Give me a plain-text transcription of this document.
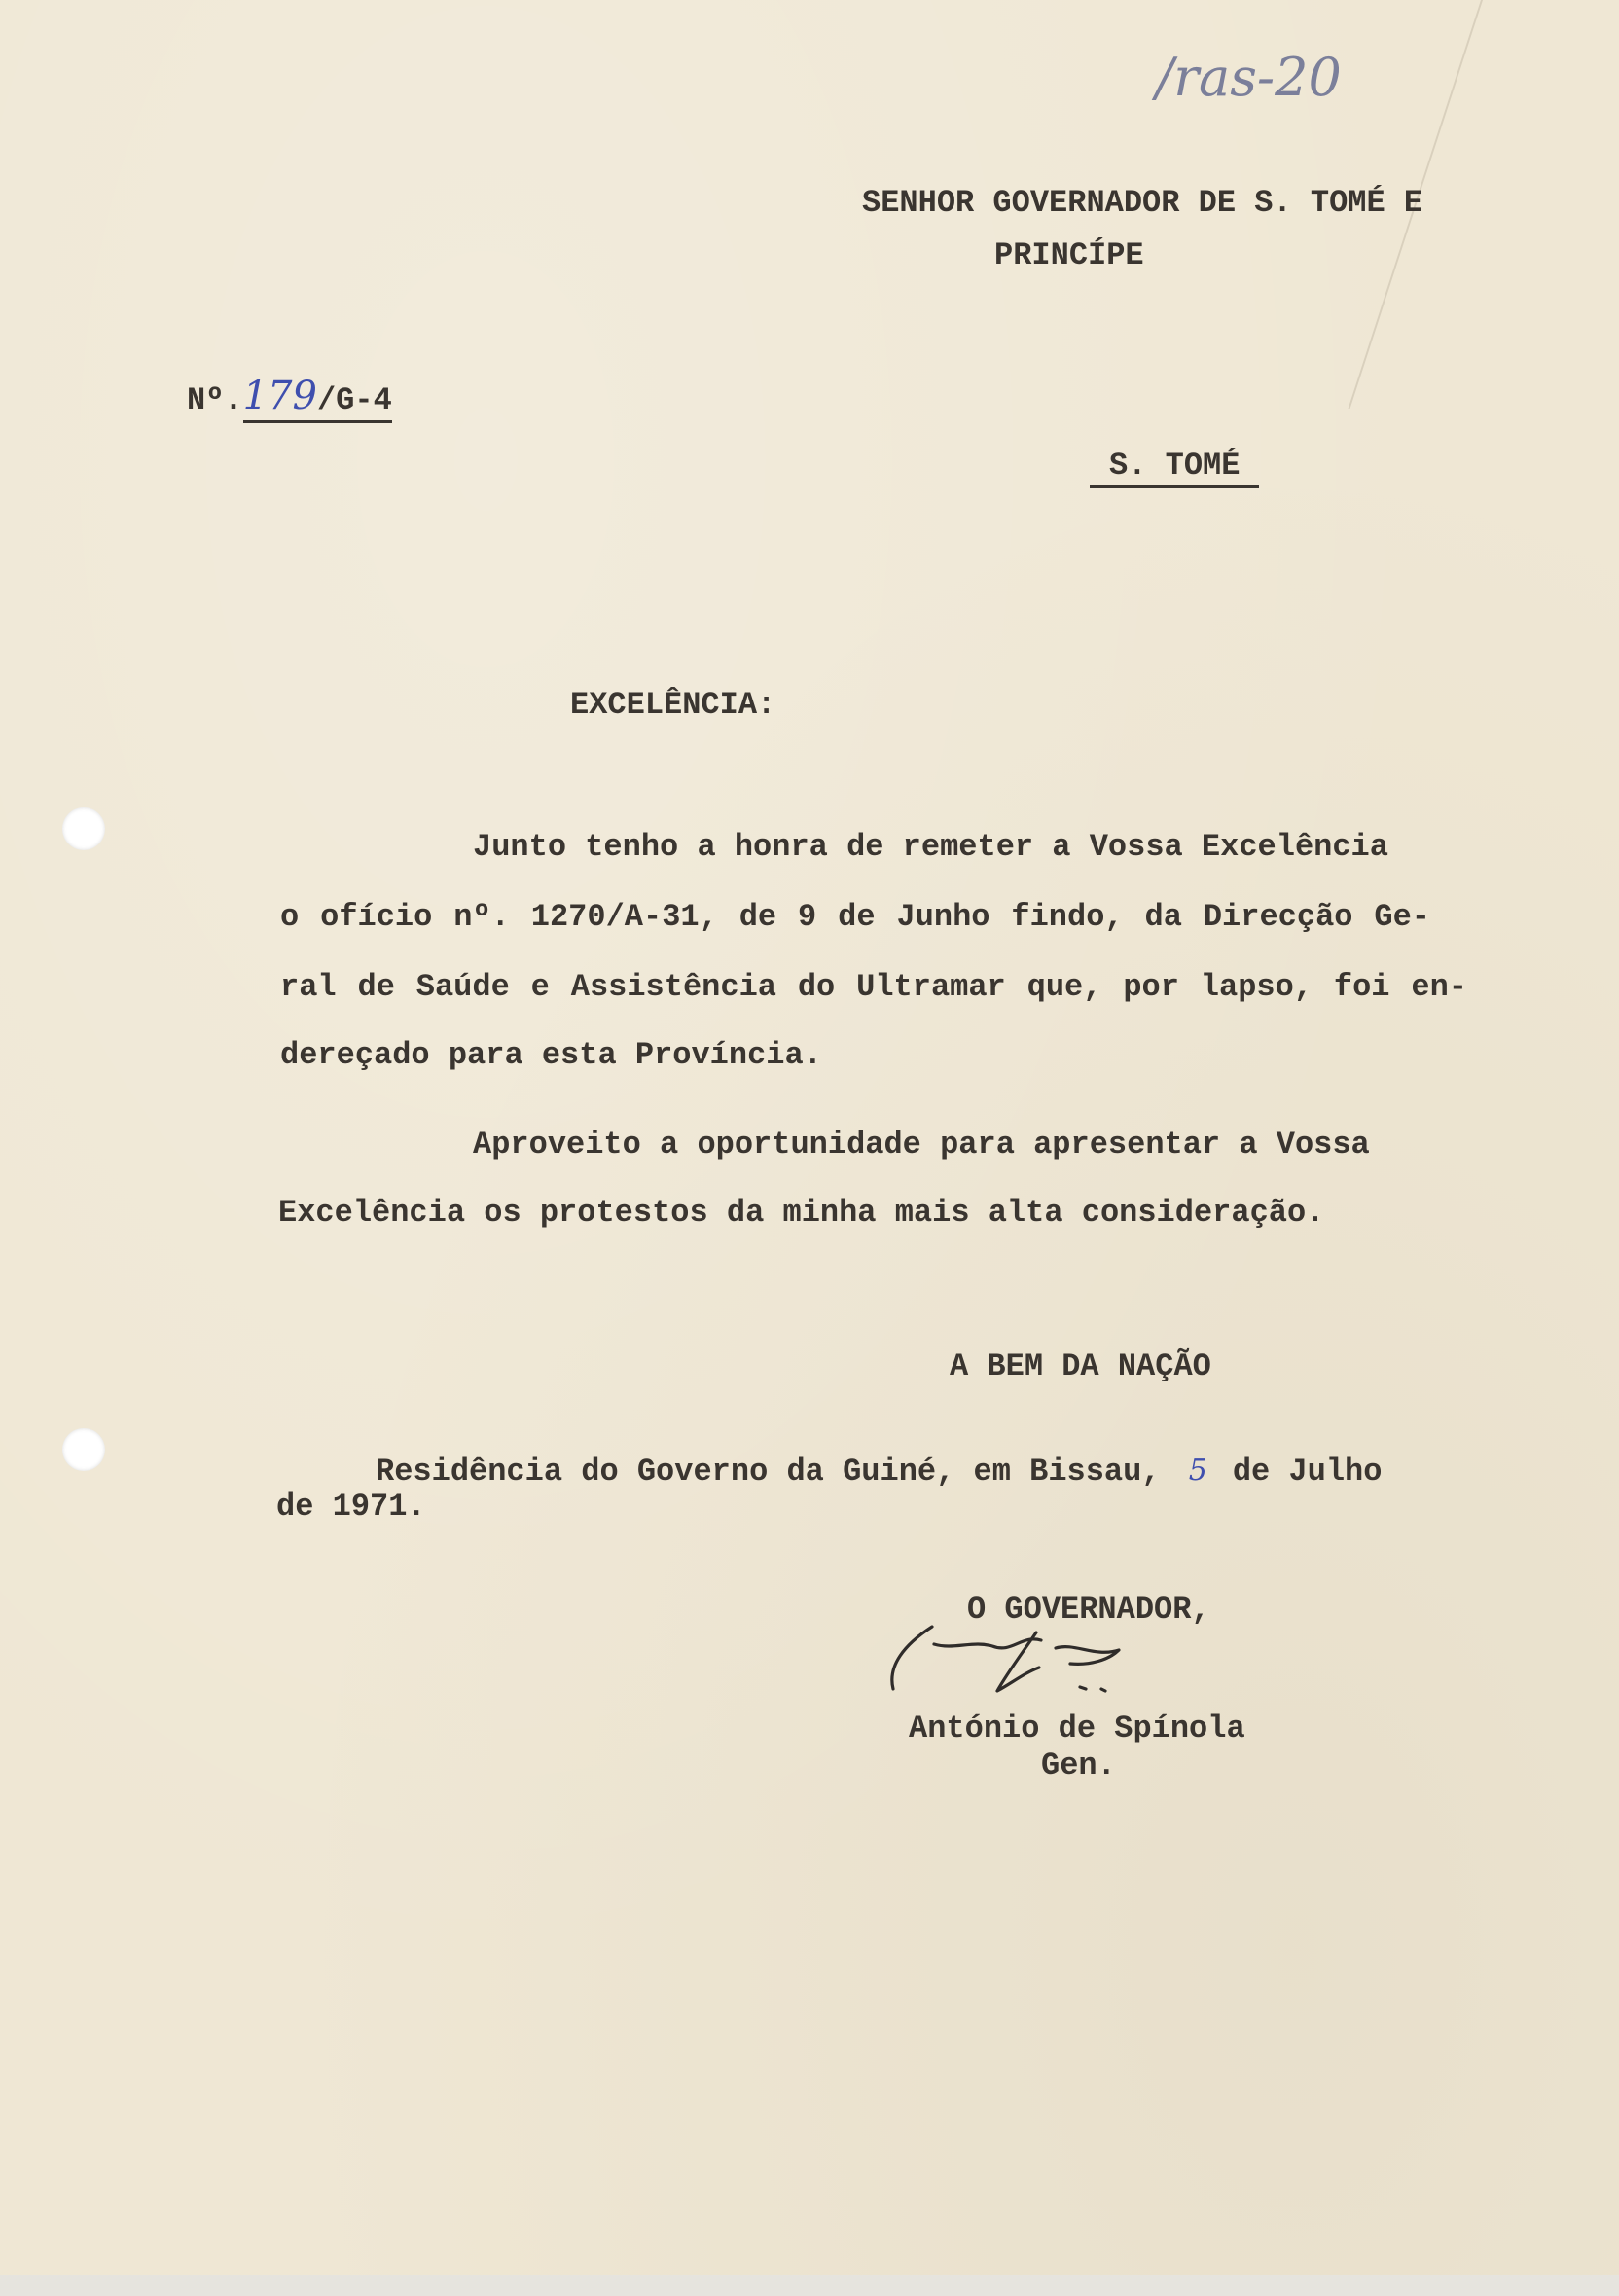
/ras-20
SENHOR GOVERNADOR DE S. TOMÉ E
PRINCÍPE
Nº.179/G-4
S. TOMÉ
EXCELÊNCIA:
Junto tenho a honra de remeter a Vossa Excelência
o ofício nº. 1270/A-31, de 9 de Junho findo, da Direcção Ge-
ral de Saúde e Assistência do Ultramar que, por lapso, foi en-
dereçado para esta Província.
Aproveito a oportunidade para apresentar a Vossa
Excelência os protestos da minha mais alta consideração.
A BEM DA NAÇÃO
Residência do Governo da Guiné, em Bissau, 5 de Julho
de 1971.
O GOVERNADOR,
António de Spínola
Gen.
